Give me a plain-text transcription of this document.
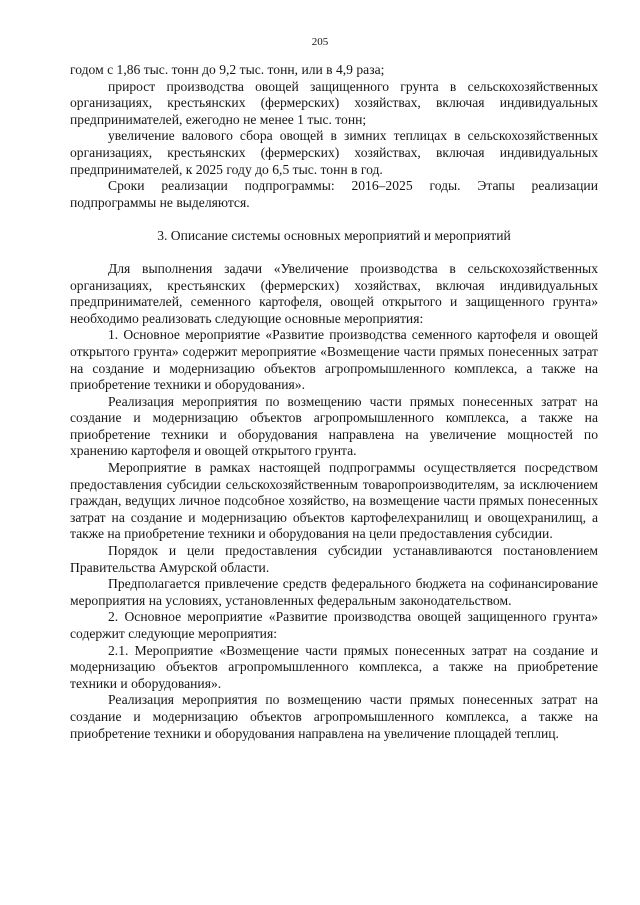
205

годом с 1,86 тыс. тонн до 9,2 тыс. тонн, или в 4,9 раза;

прирост производства овощей защищенного грунта в сельскохозяйственных организациях, крестьянских (фермерских) хозяйствах, включая индивидуальных предпринимателей, ежегодно не менее 1 тыс. тонн;

увеличение валового сбора овощей в зимних теплицах в сельскохозяйственных организациях, крестьянских (фермерских) хозяйствах, включая индивидуальных предпринимателей, к 2025 году до 6,5 тыс. тонн в год.

Сроки реализации подпрограммы: 2016–2025 годы. Этапы реализации подпрограммы не выделяются.

3. Описание системы основных мероприятий и мероприятий

Для выполнения задачи «Увеличение производства в сельскохозяйственных организациях, крестьянских (фермерских) хозяйствах, включая индивидуальных предпринимателей, семенного картофеля, овощей открытого и защищенного грунта» необходимо реализовать следующие основные мероприятия:

1. Основное мероприятие «Развитие производства семенного картофеля и овощей открытого грунта» содержит мероприятие «Возмещение части прямых понесенных затрат на создание и модернизацию объектов агропромышленного комплекса, а также на приобретение техники и оборудования».

Реализация мероприятия по возмещению части прямых понесенных затрат на создание и модернизацию объектов агропромышленного комплекса, а также на приобретение техники и оборудования направлена на увеличение мощностей по хранению картофеля и овощей открытого грунта.

Мероприятие в рамках настоящей подпрограммы осуществляется посредством предоставления субсидии сельскохозяйственным товаропроизводителям, за исключением граждан, ведущих личное подсобное хозяйство, на возмещение части прямых понесенных затрат на создание и модернизацию объектов картофелехранилищ и овощехранилищ, а также на приобретение техники и оборудования на цели предоставления субсидии.

Порядок и цели предоставления субсидии устанавливаются постановлением Правительства Амурской области.

Предполагается привлечение средств федерального бюджета на софинансирование мероприятия на условиях, установленных федеральным законодательством.

2. Основное мероприятие «Развитие производства овощей защищенного грунта» содержит следующие мероприятия:

2.1. Мероприятие «Возмещение части прямых понесенных затрат на создание и модернизацию объектов агропромышленного комплекса, а также на приобретение техники и оборудования».

Реализация мероприятия по возмещению части прямых понесенных затрат на создание и модернизацию объектов агропромышленного комплекса, а также на приобретение техники и оборудования направлена на увеличение площадей теплиц.
